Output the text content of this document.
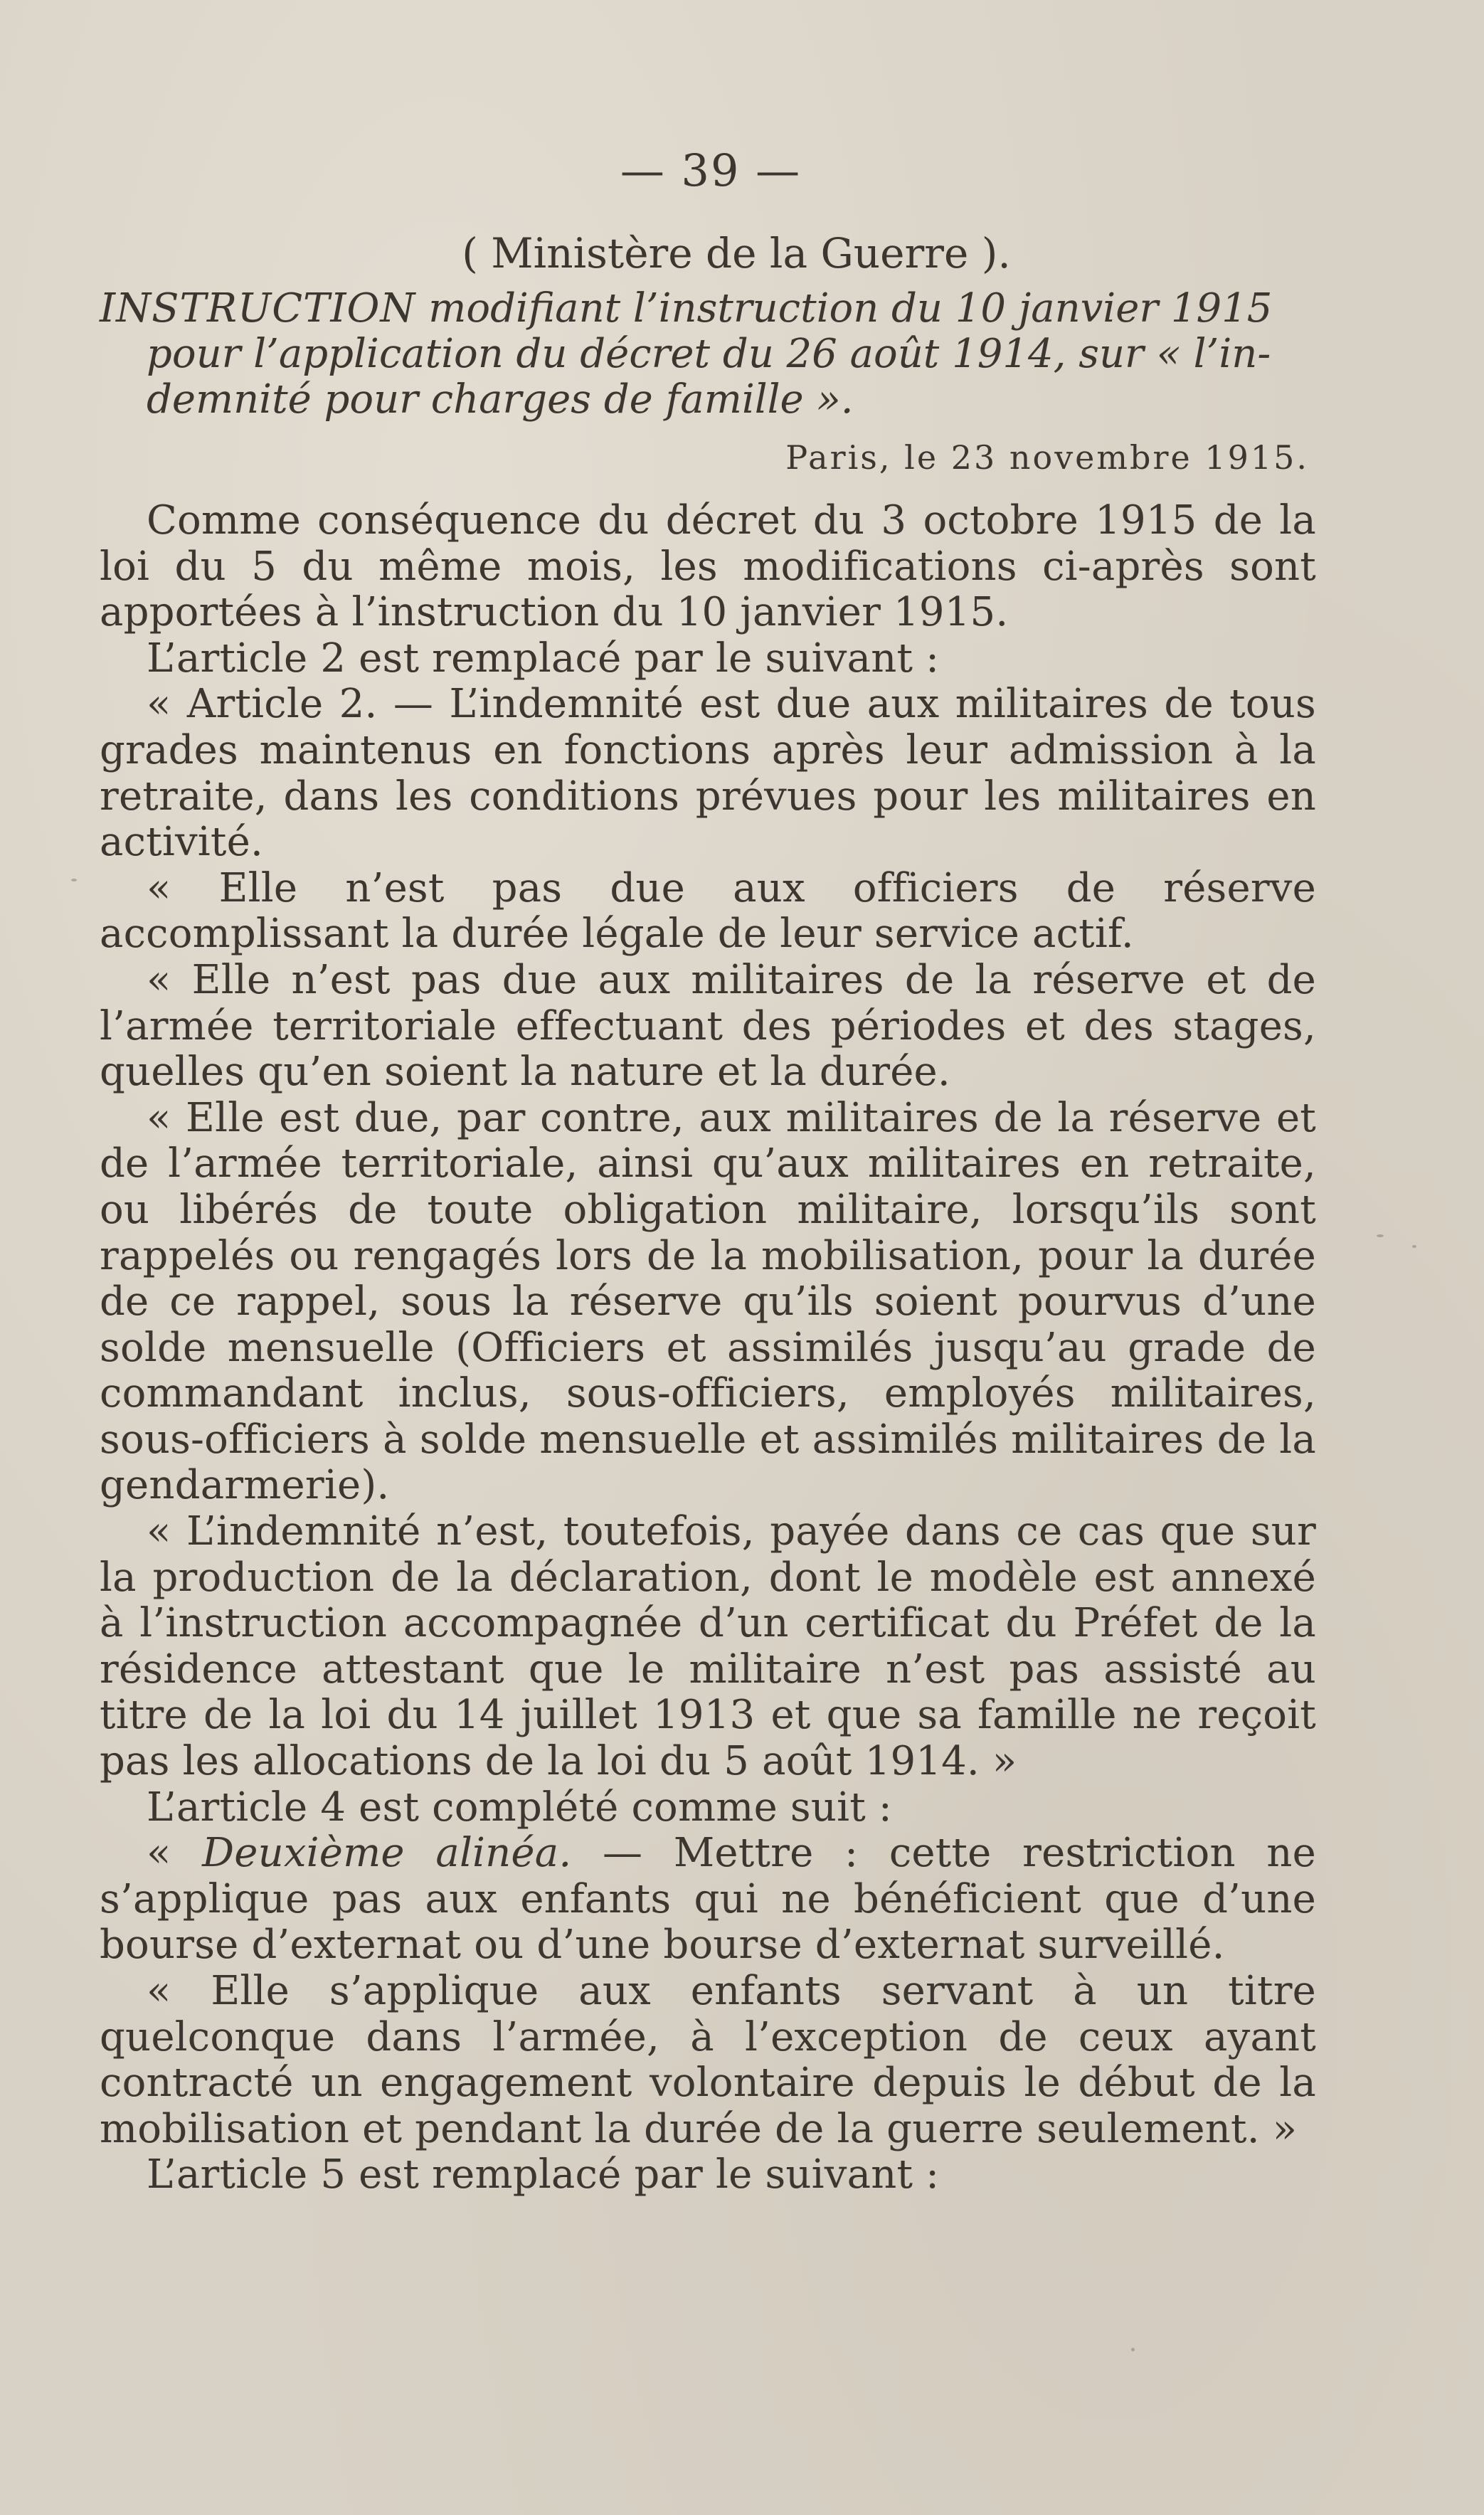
— 39 —
( Ministère de la Guerre ).

INSTRUCTION modifiant l’instruction du 10 janvier 1915

pour l’application du décret du 26 août 1914, sur « l’in-

demnité pour charges de famille ».

Paris, le 23 novembre 1915.

Comme conséquence du décret du 3 octobre 1915 de la loi du 5 du même mois, les modifications ci-après sont apportées à l’instruction du 10 janvier 1915.

L’article 2 est remplacé par le suivant :

« Article 2. — L’indemnité est due aux militaires de tous grades maintenus en fonctions après leur admission à la retraite, dans les conditions prévues pour les militaires en activité.

« Elle n’est pas due aux officiers de réserve accomplissant la durée légale de leur service actif.

« Elle n’est pas due aux militaires de la réserve et de l’armée territoriale effectuant des périodes et des stages, quelles qu’en soient la nature et la durée.

« Elle est due, par contre, aux militaires de la réserve et de l’armée territoriale, ainsi qu’aux militaires en retraite, ou libérés de toute obligation militaire, lorsqu’ils sont rappelés ou rengagés lors de la mobilisation, pour la durée de ce rappel, sous la réserve qu’ils soient pourvus d’une solde mensuelle (Officiers et assimilés jusqu’au grade de commandant inclus, sous-officiers, employés militaires, sous-officiers à solde mensuelle et assimilés militaires de la gendarmerie).

« L’indemnité n’est, toutefois, payée dans ce cas que sur la production de la déclaration, dont le modèle est annexé à l’instruction accompagnée d’un certificat du Préfet de la résidence attestant que le militaire n’est pas assisté au titre de la loi du 14 juillet 1913 et que sa famille ne reçoit pas les allocations de la loi du 5 août 1914. »

L’article 4 est complété comme suit :

« Deuxième alinéa. — Mettre : cette restriction ne s’applique pas aux enfants qui ne bénéficient que d’une bourse d’externat ou d’une bourse d’externat surveillé.

« Elle s’applique aux enfants servant à un titre quelconque dans l’armée, à l’exception de ceux ayant contracté un engagement volontaire depuis le début de la mobilisation et pendant la durée de la guerre seulement. »

L’article 5 est remplacé par le suivant :
